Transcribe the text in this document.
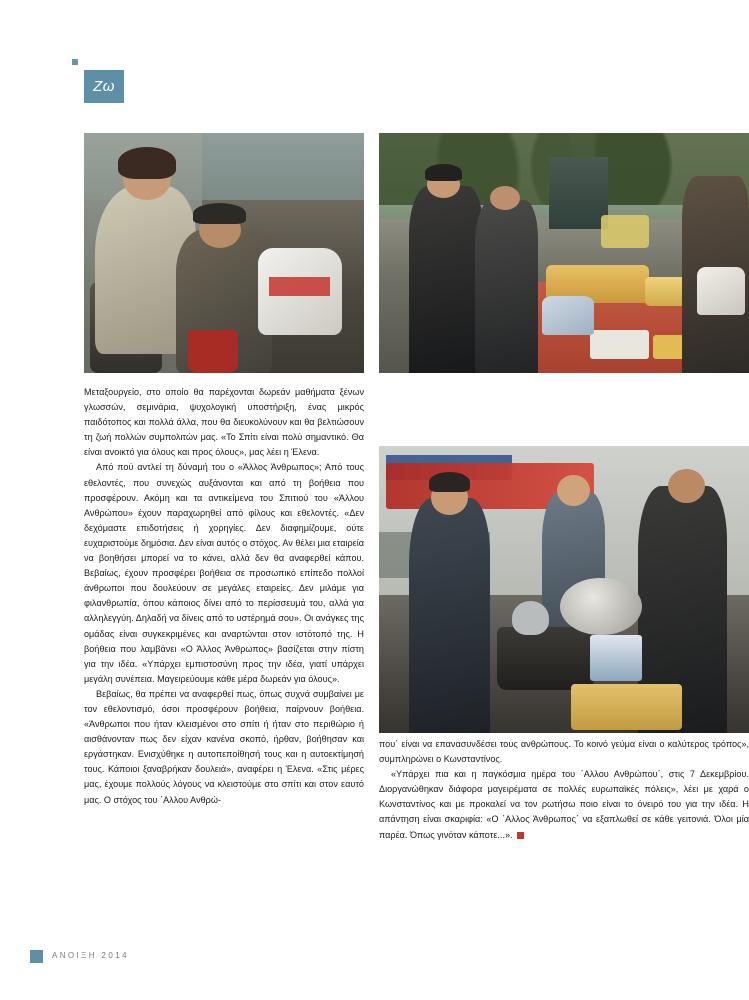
Ζω

Μεταξουργείο, στο οποίο θα παρέχονται δωρεάν μαθήματα ξένων γλωσσών, σεμινάρια, ψυχολογική υποστήριξη, ένας μικρός παιδότοπος και πολλά άλλα, που θα διευκολύνουν και θα βελτιώσουν τη ζωή πολλών συμπολιτών μας. «Το Σπίτι είναι πολύ σημαντικό. Θα είναι ανοικτό για όλους και προς όλους», μας λέει η Έλενα.

Από πού αντλεί τη δύναμή του ο «Άλλος Άνθρωπος»; Από τους εθελοντές, που συνεχώς αυξάνονται και από τη βοήθεια που προσφέρουν. Ακόμη και τα αντικείμενα του Σπιτιού του «Άλλου Ανθρώπου» έχουν παραχωρηθεί από φίλους και εθελοντές. «Δεν δεχόμαστε επιδοτήσεις ή χορηγίες. Δεν διαφημίζουμε, ούτε ευχαριστούμε δημόσια. Δεν είναι αυτός ο στόχος. Αν θέλει μια εταιρεία να βοηθήσει μπορεί να το κάνει, αλλά δεν θα αναφερθεί κάπου. Βεβαίως, έχουν προσφέρει βοήθεια σε προσωπικό επίπεδο πολλοί άνθρωποι που δουλεύουν σε μεγάλες εταιρείες. Δεν μιλάμε για φιλανθρωπία, όπου κάποιος δίνει από το περίσσευμά του, αλλά για αλληλεγγύη. Δηλαδή να δίνεις από το υστέρημά σου». Οι ανάγκες της ομάδας είναι συγκεκριμένες και αναρτώνται στον ιστότοπό της. Η βοήθεια που λαμβάνει «Ο Άλλος Άνθρωπος» βασίζεται στην πίστη για την ιδέα. «Υπάρχει εμπιστοσύνη προς την ιδέα, γιατί υπάρχει μεγάλη συνέπεια. Μαγειρεύουμε κάθε μέρα δωρεάν για όλους».

Βεβαίως, θα πρέπει να αναφερθεί πως, όπως συχνά συμβαίνει με τον εθελοντισμό, όσοι προσφέρουν βοήθεια, παίρνουν βοήθεια. «Άνθρωποι που ήταν κλεισμένοι στο σπίτι ή ήταν στο περιθώριο ή αισθάνονταν πως δεν είχαν κανένα σκοπό, ήρθαν, βοήθησαν και εργάστηκαν. Ενισχύθηκε η αυτοπεποίθησή τους και η αυτοεκτίμησή τους. Κάποιοι ξαναβρήκαν δουλειά», αναφέρει η Έλενα. «Στις μέρες μας, έχουμε πολλούς λόγους να κλειστούμε στο σπίτι και στον εαυτό μας. Ο στόχος του ΄Αλλου Ανθρώ-

που΄ είναι να επανασυνδέσει τους ανθρώπους. Το κοινό γεύμα είναι ο καλύτερος τρόπος», συμπληρώνει ο Κωνσταντίνος.

«Υπάρχει πια και η παγκόσμια ημέρα του ΄Αλλου Ανθρώπου΄, στις 7 Δεκεμβρίου. Διοργανώθηκαν διάφορα μαγειρέματα σε πολλές ευρωπαϊκές πόλεις», λέει με χαρά ο Κωνσταντίνος και με προκαλεί να τον ρωτήσω ποιο είναι το όνειρό του για την ιδέα. Η απάντηση είναι σκαριφία: «Ο ΄Αλλος Άνθρωπος΄ να εξαπλωθεί σε κάθε γειτονιά. Όλοι μία παρέα. Όπως γινόταν κάποτε...».

ΑΝΟΙΞΗ 2014
